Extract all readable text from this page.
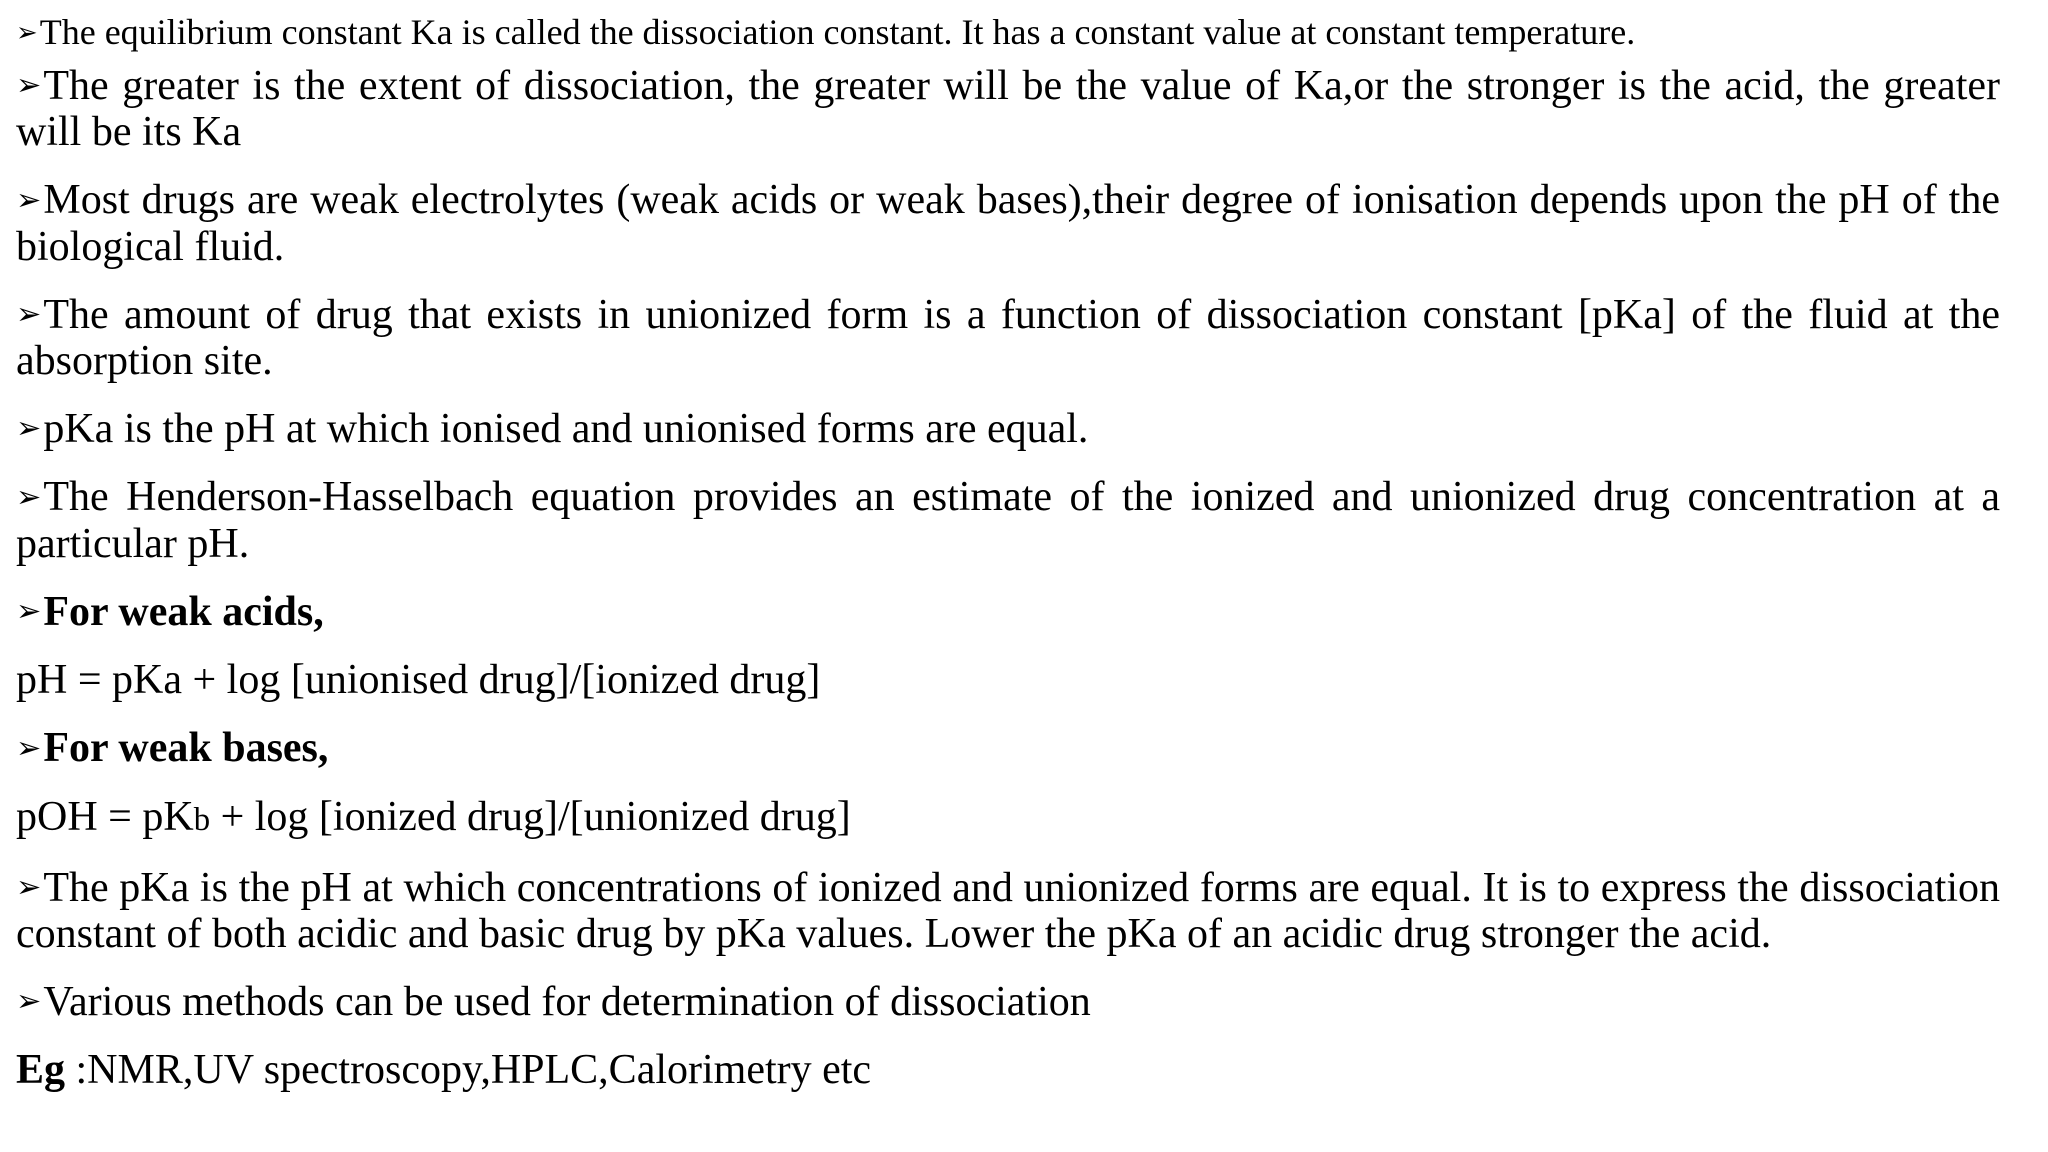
➢The equilibrium constant Ka is called the dissociation constant. It has a constant value at constant temperature.

➢The greater is the extent of dissociation, the greater will be the value of Ka,or the stronger is the acid, the greater will be its Ka

➢Most drugs are weak electrolytes (weak acids or weak bases),their degree of ionisation depends upon the pH of the biological fluid.

➢The amount of drug that exists in unionized form is a function of dissociation constant [pKa] of the fluid at the absorption site.

➢pKa is the pH at which ionised and unionised forms are equal.

➢The Henderson-Hasselbach equation provides an estimate of the ionized and unionized drug concentration at a particular pH.

➢For weak acids,

pH = pKa + log [unionised drug]/[ionized drug]

➢For weak bases,

pOH = pKb + log [ionized drug]/[unionized drug]

➢The pKa is the pH at which concentrations of ionized and unionized forms are equal. It is to express the dissociation constant of both acidic and basic drug by pKa values. Lower the pKa of an acidic drug stronger the acid.

➢Various methods can be used for determination of dissociation

Eg :NMR,UV spectroscopy,HPLC,Calorimetry etc
